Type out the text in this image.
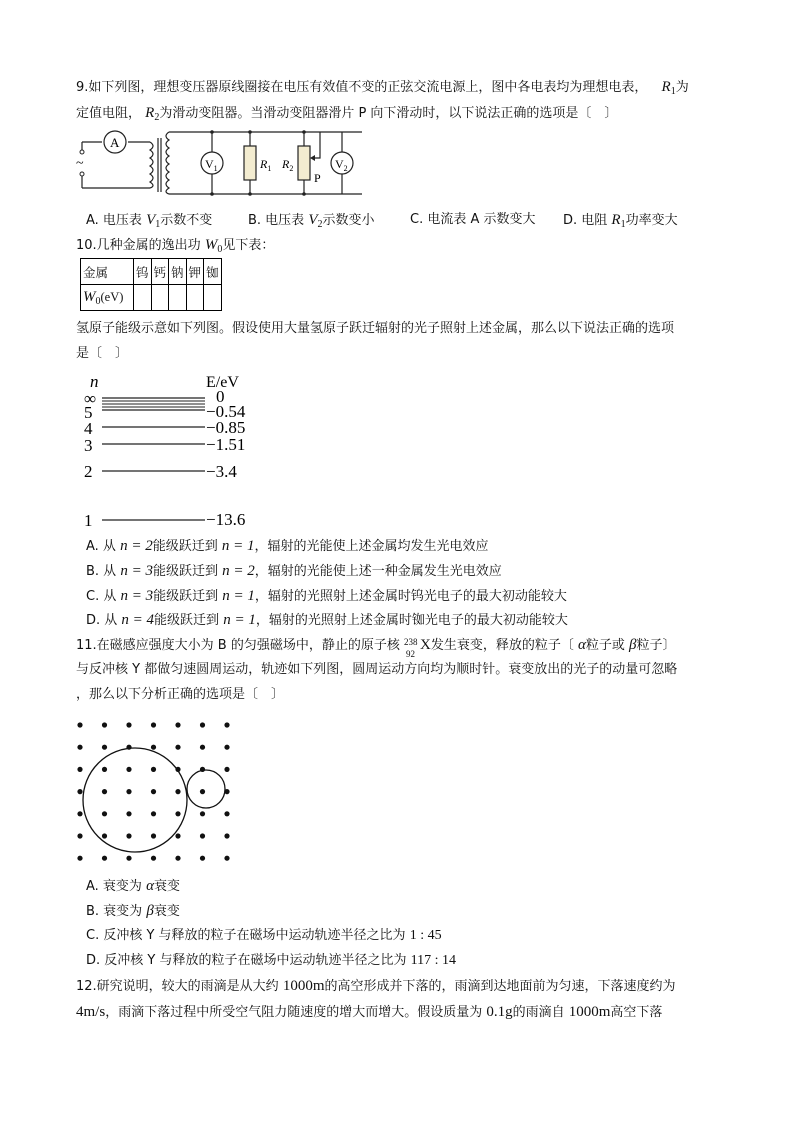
9.如下列图，理想变压器原线圈接在电压有效值不变的正弦交流电源上，图中各电表均为理想电表， $R_1$为
定值电阻， $R_2$为滑动变阻器。当滑动变阻器滑片 P 向下滑动时，以下说法正确的选项是〔　〕
~
A
$V_1$	$R_1$ $R_2$
P
$V_2$
A. 电压表 $V_1$示数不变	B. 电压表 $V_2$示数变小	C. 电流表 A 示数变大 D. 电阻 $R_1$功率变大
10.几种金属的逸出功 $W_0$见下表：
金属	钨	钙	钠	钾	铷
$W_0(eV)$					
氢原子能级示意如下列图。假设使用大量氢原子跃迁辐射的光子照射上述金属，那么以下说法正确的选项
是〔　〕
n	E/eV
∞
5
4
3
2
1
0
−0.54
−0.85
−1.51
−3.4
−13.6
A. 从 n = 2能级跃迁到 n = 1，辐射的光能使上述金属均发生光电效应
B. 从 n = 3能级跃迁到 n = 2，辐射的光能使上述一种金属发生光电效应
C. 从 n = 3能级跃迁到 n = 1，辐射的光照射上述金属时钨光电子的最大初动能较大
D. 从 n = 4能级跃迁到 n = 1，辐射的光照射上述金属时铷光电子的最大初动能较大
11.在磁感应强度大小为 B 的匀强磁场中，静止的原子核 238
92
X发生衰变，释放的粒子〔 α粒子或 β粒子〕
与反冲核 Y 都做匀速圆周运动，轨迹如下列图，圆周运动方向均为顺时针。衰变放出的光子的动量可忽略
，那么以下分析正确的选项是〔　〕
A. 衰变为 α衰变
B. 衰变为 β衰变
C. 反冲核 Y 与释放的粒子在磁场中运动轨迹半径之比为 1 : 45
D. 反冲核 Y 与释放的粒子在磁场中运动轨迹半径之比为 117 : 14
12.研究说明，较大的雨滴是从大约 1000m的高空形成并下落的，雨滴到达地面前为匀速，下落速度约为
4m/s，雨滴下落过程中所受空气阻力随速度的增大而增大。假设质量为 0.1g的雨滴自 1000m高空下落
